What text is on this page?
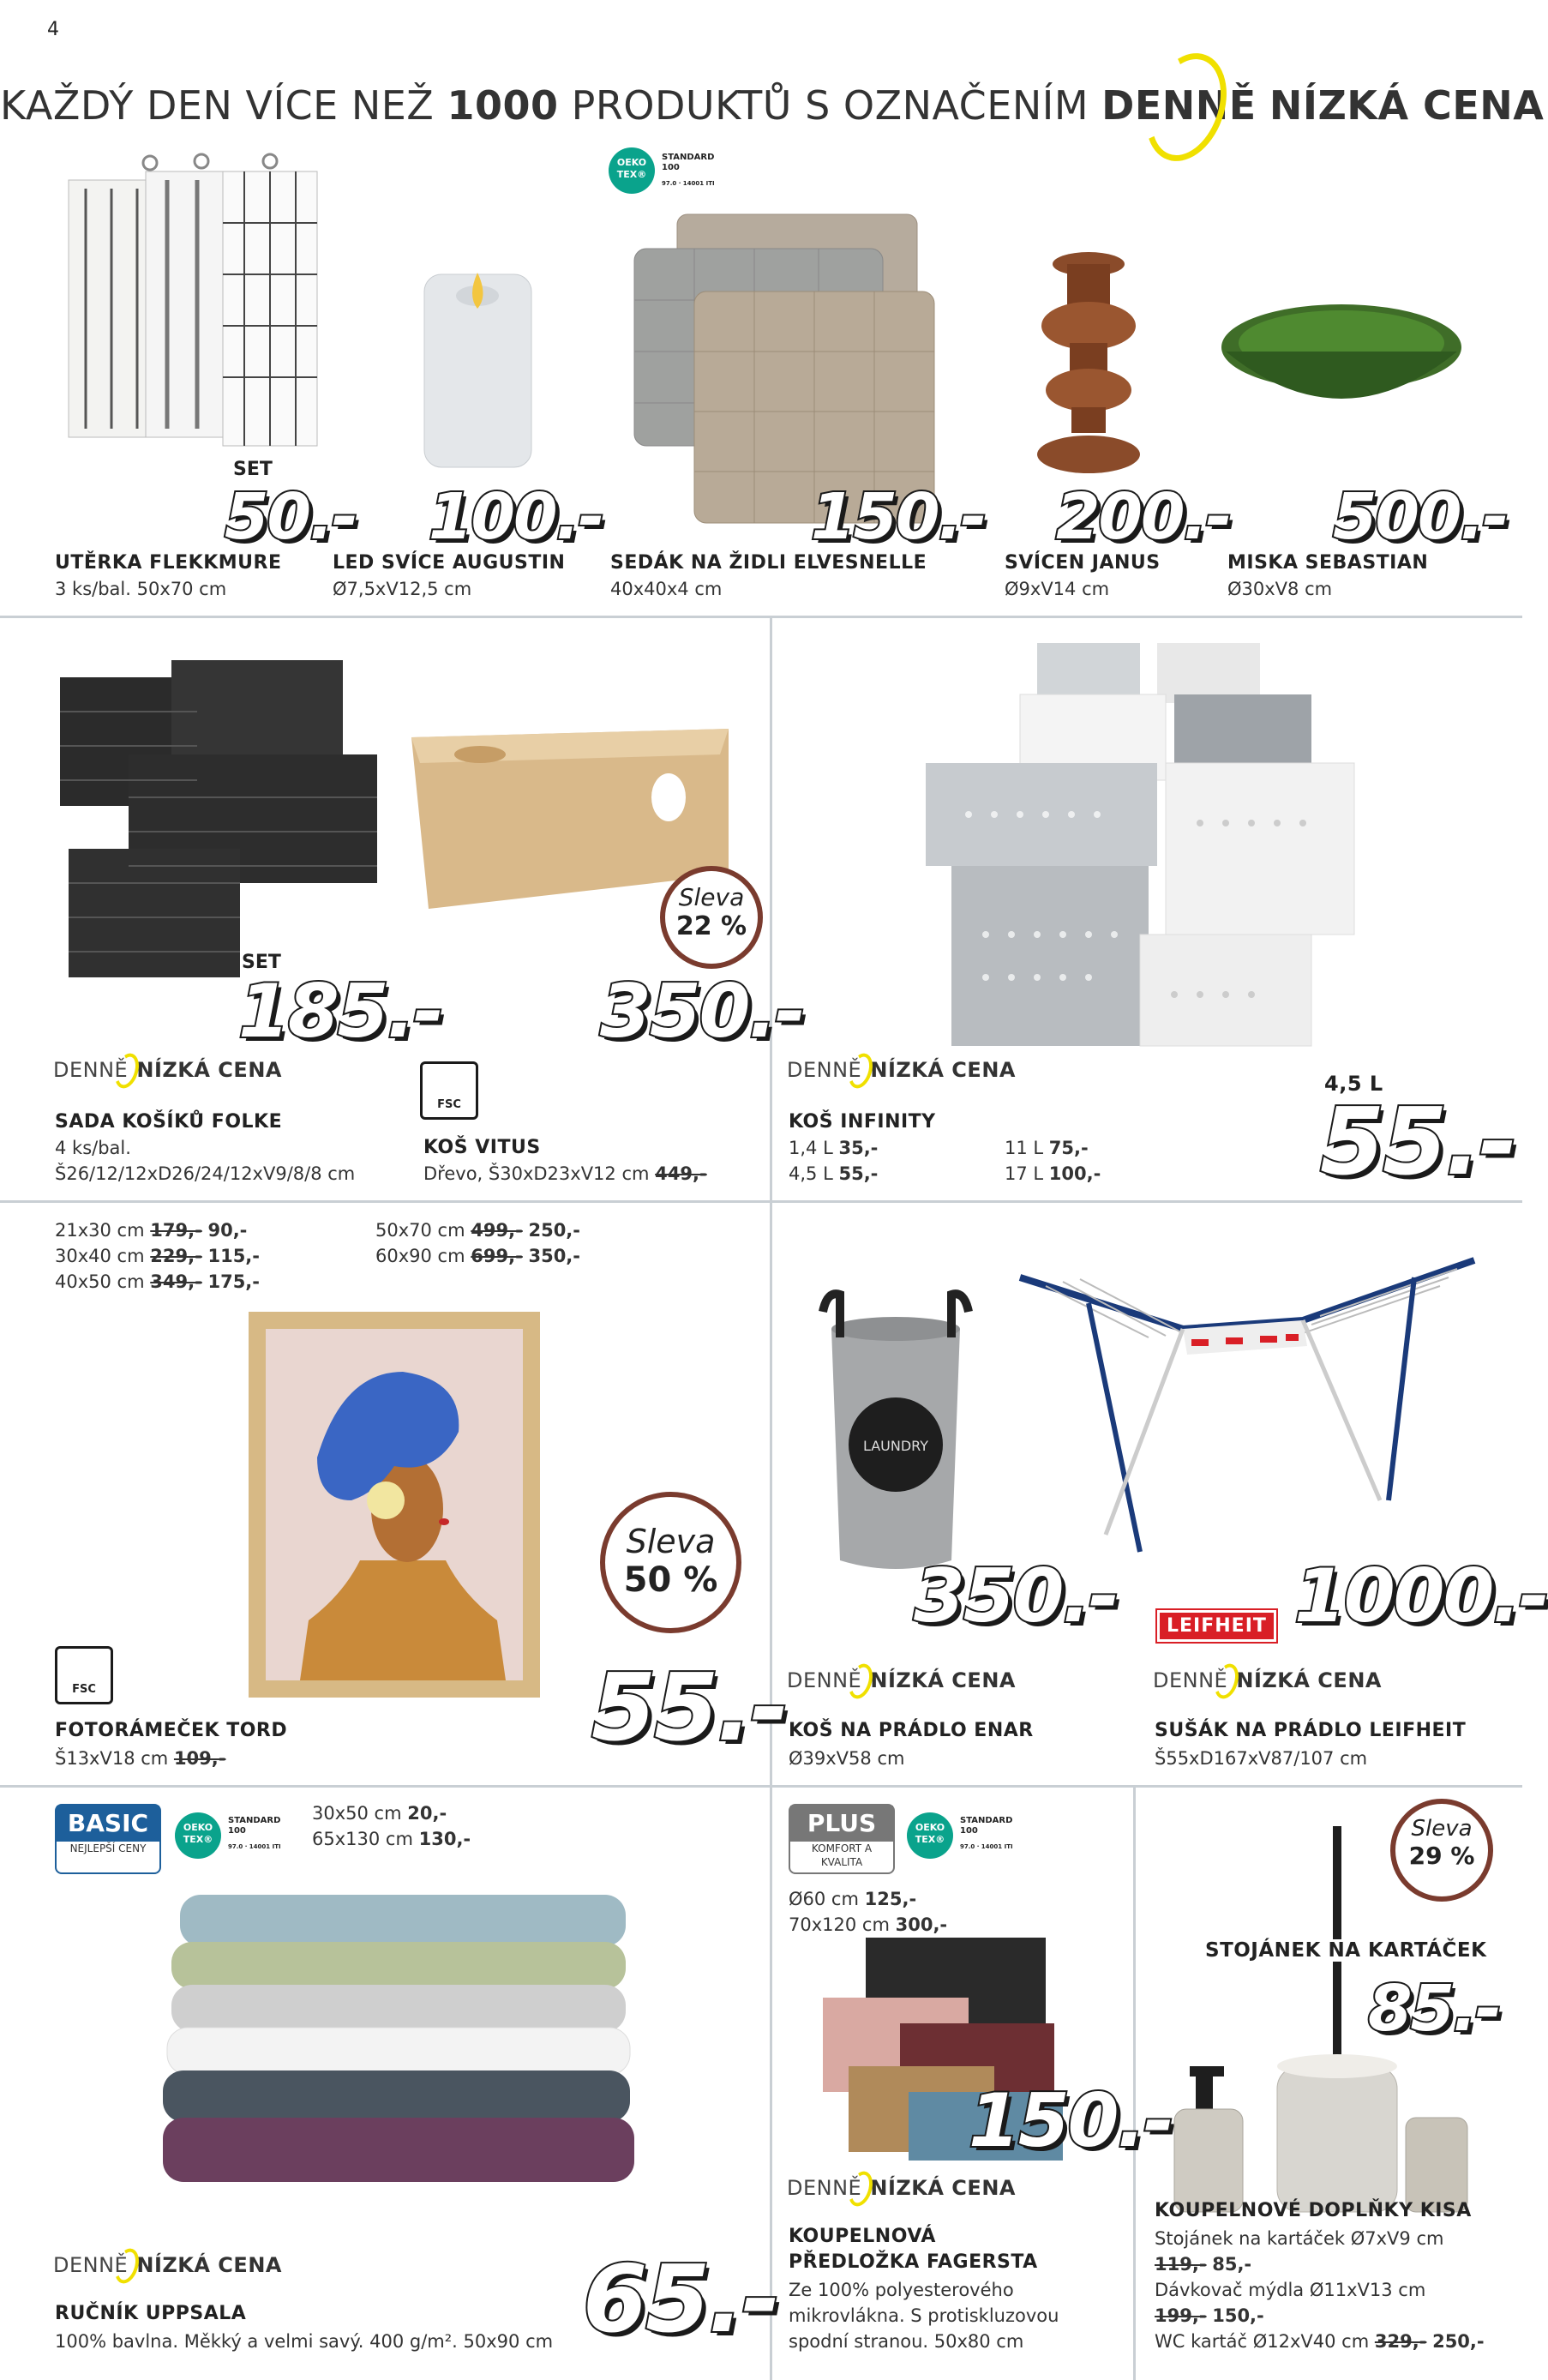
4
KAŽDÝ DEN VÍCE NEŽ 1000 PRODUKTŮ S OZNAČENÍM DENNĚ NÍZKÁ CENA
OEKO TEX®
STANDARD 100
97.0 · 14001 ITI
SET
50.- 100.-	150.- 200.- 500.-
UTĚRKA FLEKKMURE
3 ks/bal. 50x70 cm
LED SVÍCE AUGUSTIN
Ø7,5xV12,5 cm
SEDÁK NA ŽIDLI ELVESNELLE
40x40x4 cm
SVÍCEN JANUS
Ø9xV14 cm
MISKA SEBASTIAN
Ø30xV8 cm
Sleva
22 %
SET
185.- 350.-
DENNĚ NÍZKÁ CENA
FSC
SADA KOŠÍKŮ FOLKE
4 ks/bal.
Š26/12/12xD26/24/12xV9/8/8 cm
KOŠ VITUS
Dřevo, Š30xD23xV12 cm 449,-
DENNĚ NÍZKÁ CENA
4,5 L
55.-
KOŠ INFINITY
1,4 L 35,-
4,5 L 55,-
11 L 75,-
17 L 100,-
21x30 cm 179,- 90,-
30x40 cm 229,- 115,-
40x50 cm 349,- 175,-
50x70 cm 499,- 250,-
60x90 cm 699,- 350,-
Sleva
50 %
FSC	55.-
FOTORÁMEČEK TORD
Š13xV18 cm 109,-
LAUNDRY
350.-	LEIFHEIT 1000.-
DENNĚ NÍZKÁ CENA	DENNĚ NÍZKÁ CENA
KOŠ NA PRÁDLO ENAR
Ø39xV58 cm
SUŠÁK NA PRÁDLO LEIFHEIT
Š55xD167xV87/107 cm
BASIC
NEJLEPŠÍ CENY
OEKO TEX®
STANDARD 100
97.0 · 14001 ITI
30x50 cm 20,-
65x130 cm 130,-
DENNĚ NÍZKÁ CENA	65.-
RUČNÍK UPPSALA
100% bavlna. Měkký a velmi savý. 400 g/m². 50x90 cm
PLUS
KOMFORT A KVALITA
OEKO TEX®
STANDARD 100
97.0 · 14001 ITI
Ø60 cm 125,-
70x120 cm 300,-
150.-
DENNĚ NÍZKÁ CENA
KOUPELNOVÁ
PŘEDLOŽKA FAGERSTA
Ze 100% polyesterového
mikrovlákna. S protiskluzovou
spodní stranou. 50x80 cm
Sleva
29 %
STOJÁNEK NA KARTÁČEK
85.-
KOUPELNOVÉ DOPLŇKY KISA
Stojánek na kartáček Ø7xV9 cm
119,- 85,-
Dávkovač mýdla Ø11xV13 cm
199,- 150,-
WC kartáč Ø12xV40 cm 329,- 250,-
